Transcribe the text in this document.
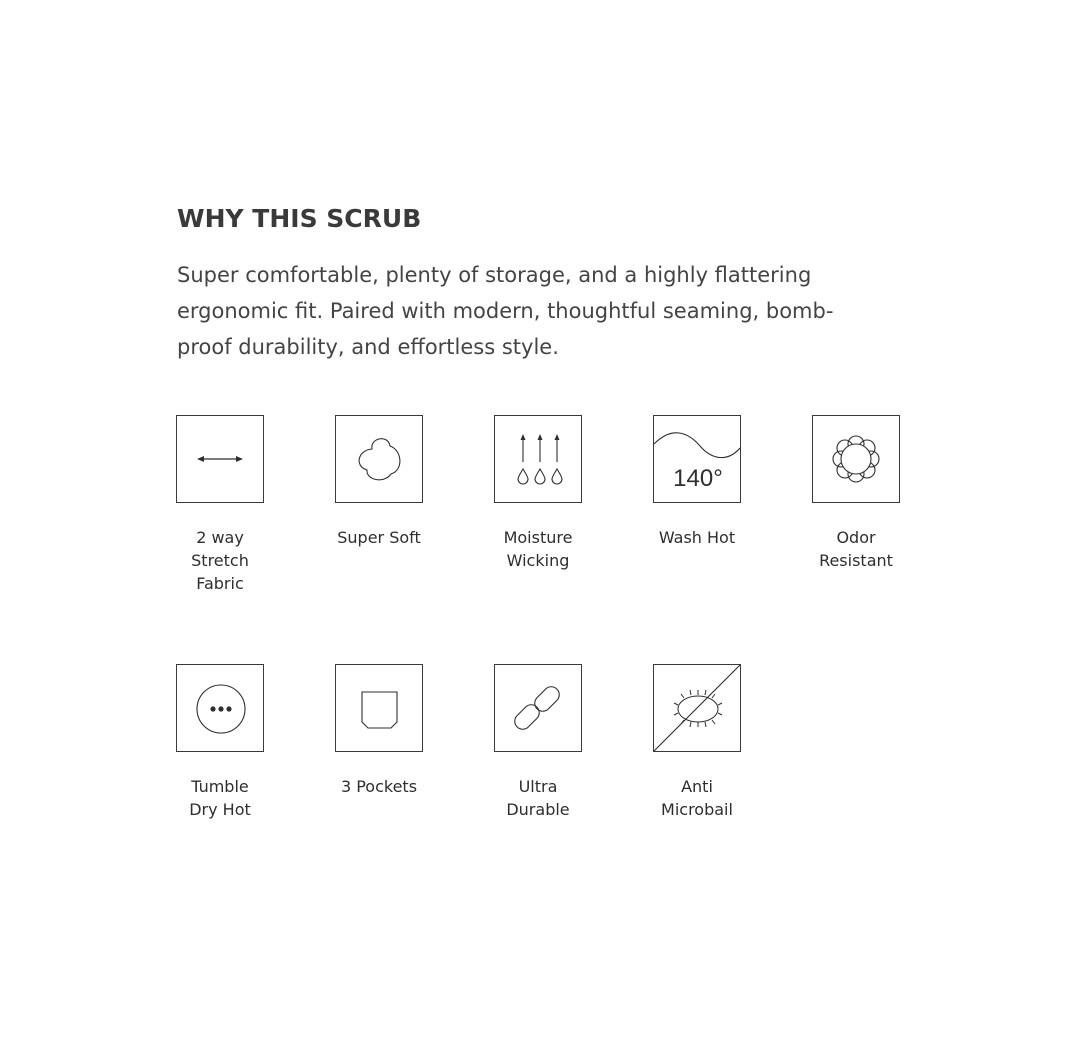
WHY THIS SCRUB

Super comfortable, plenty of storage, and a highly flattering ergonomic fit. Paired with modern, thoughtful seaming, bomb-proof durability, and effortless style.

2 way
Stretch
Fabric
Super Soft	Moisture
Wicking
140°
Wash Hot	Odor
Resistant
Tumble
Dry Hot
3 Pockets	Ultra
Durable
Anti
Microbail
